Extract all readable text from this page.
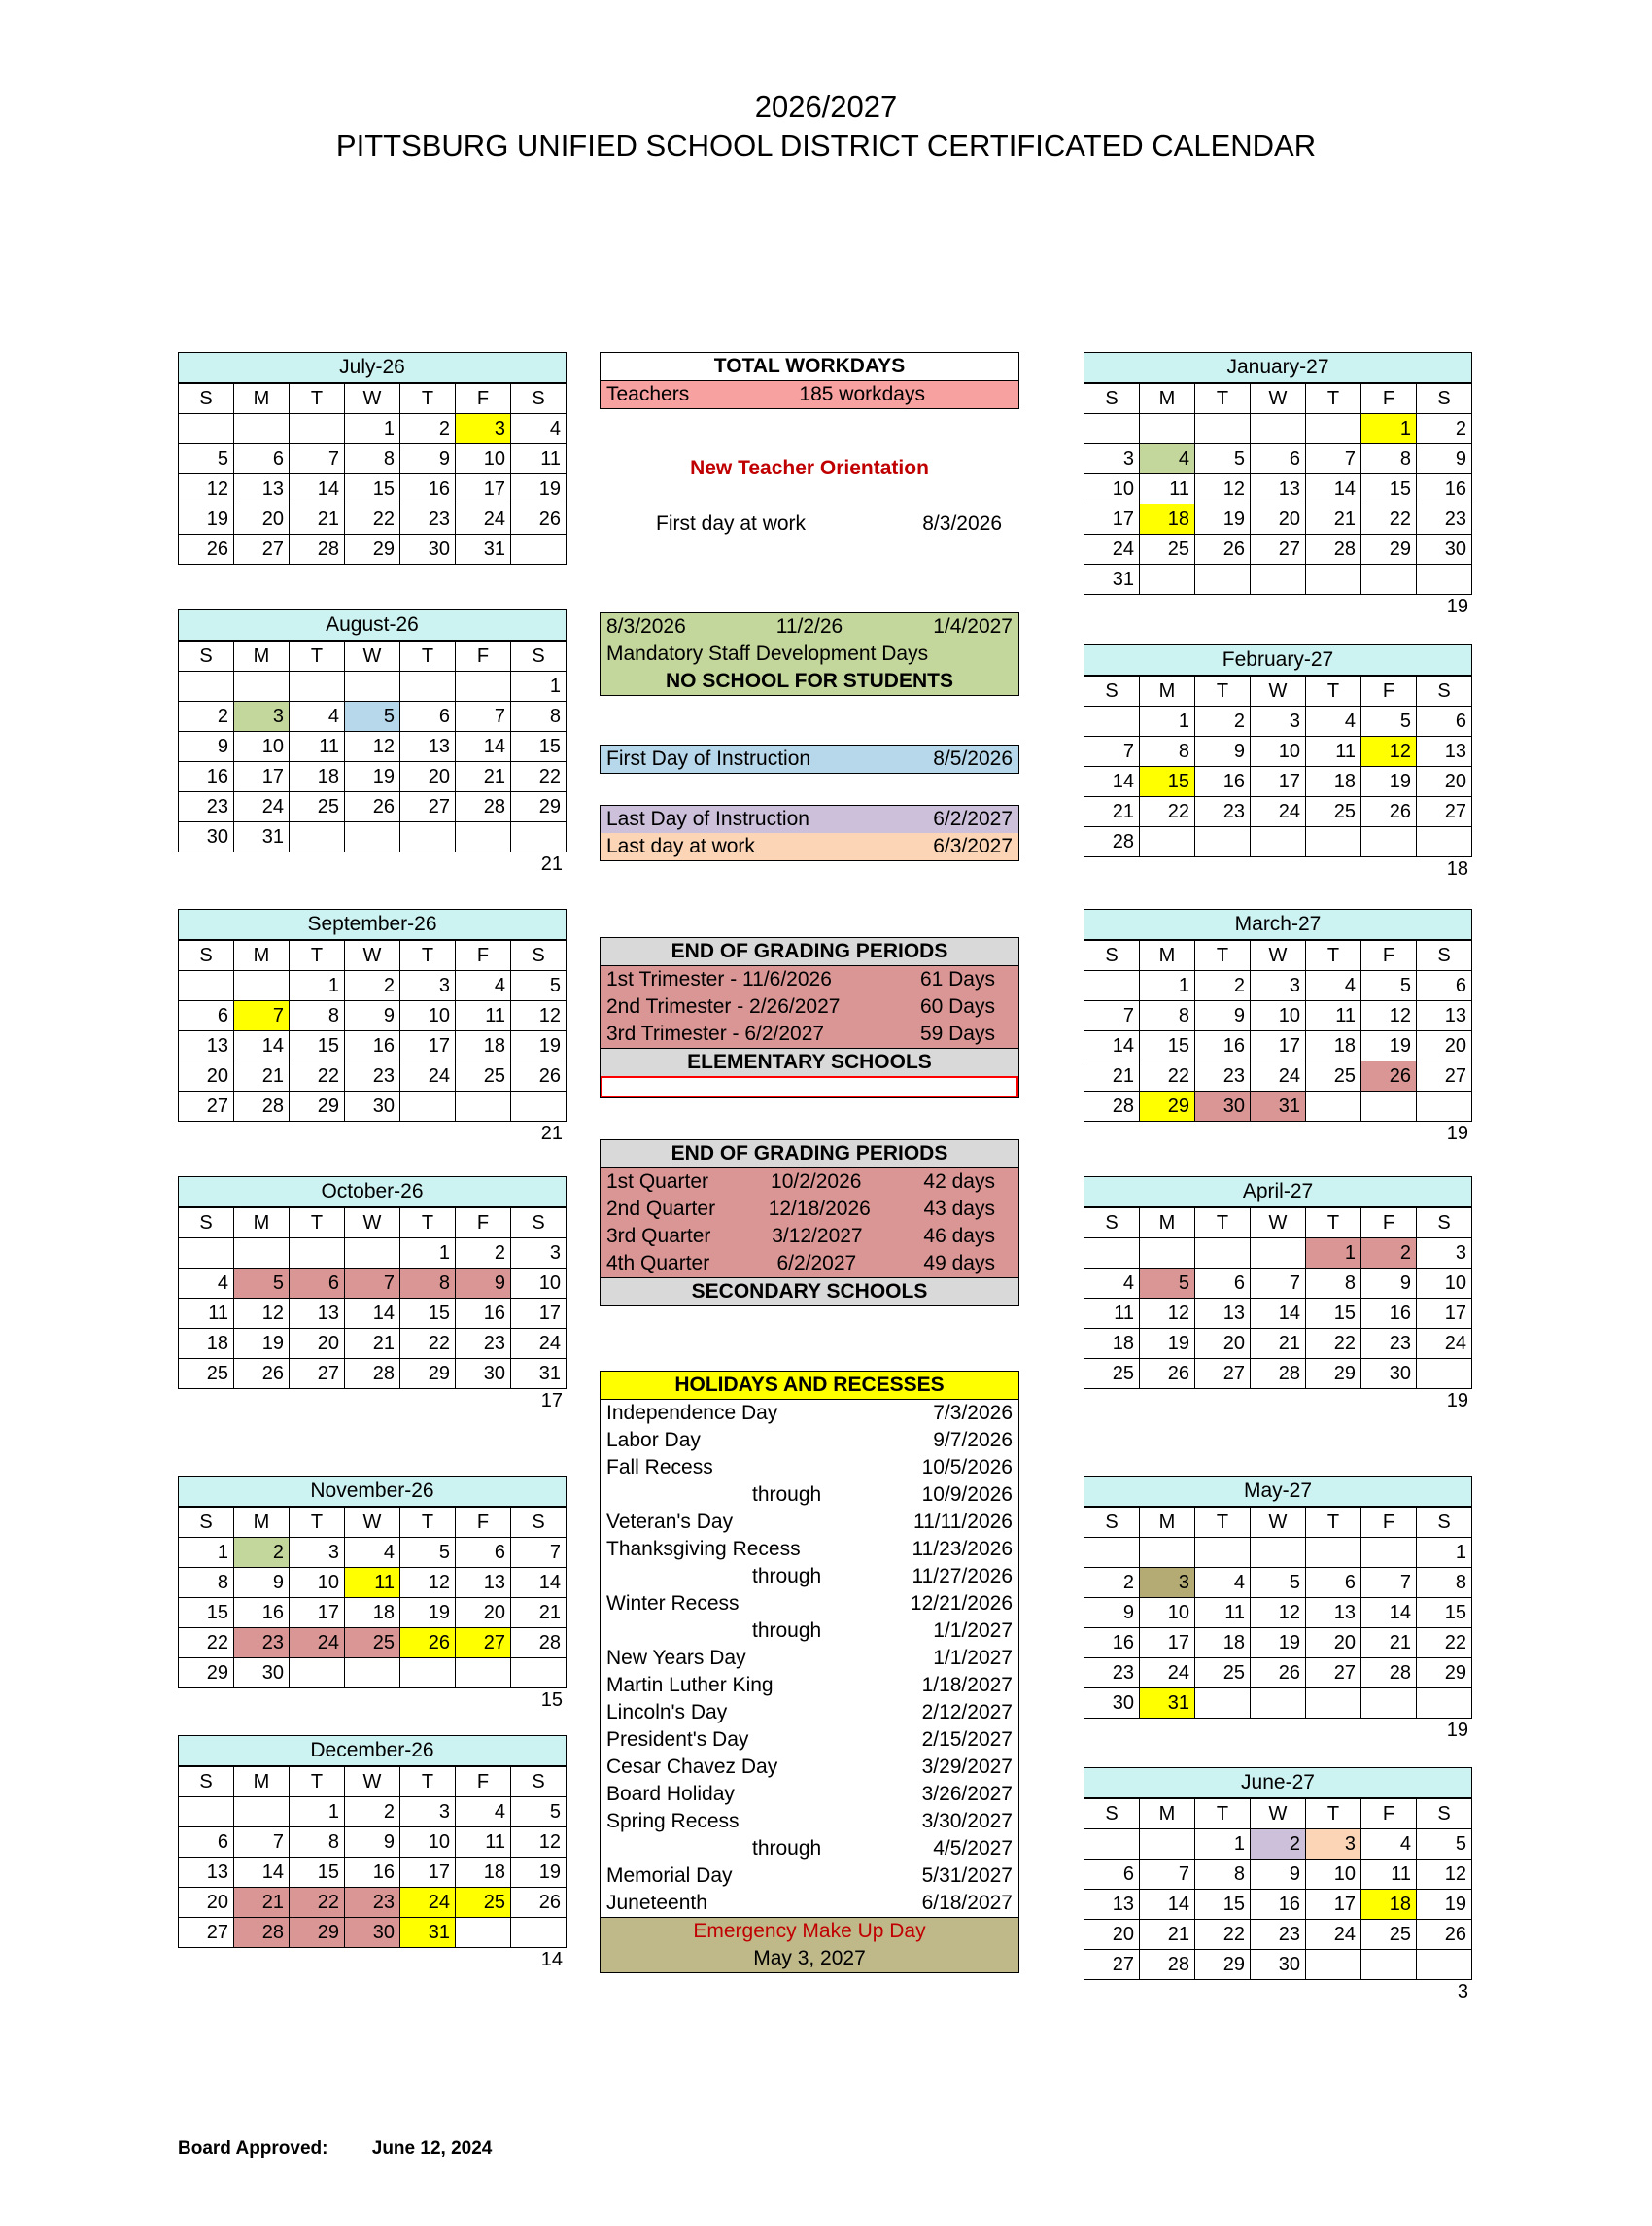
2026/2027
PITTSBURG UNIFIED SCHOOL DISTRICT CERTIFICATED CALENDAR
July-26
S	M	T	W	T	F	S
			1	2	3	4
5	6	7	8	9	10	11
12	13	14	15	16	17	19
19	20	21	22	23	24	26
26	27	28	29	30	31	
August-26
S	M	T	W	T	F	S
						1
2	3	4	5	6	7	8
9	10	11	12	13	14	15
16	17	18	19	20	21	22
23	24	25	26	27	28	29
30	31					
21
September-26
S	M	T	W	T	F	S
		1	2	3	4	5
6	7	8	9	10	11	12
13	14	15	16	17	18	19
20	21	22	23	24	25	26
27	28	29	30			
21
October-26
S	M	T	W	T	F	S
				1	2	3
4	5	6	7	8	9	10
11	12	13	14	15	16	17
18	19	20	21	22	23	24
25	26	27	28	29	30	31
17
November-26
S	M	T	W	T	F	S
1	2	3	4	5	6	7
8	9	10	11	12	13	14
15	16	17	18	19	20	21
22	23	24	25	26	27	28
29	30					
15
December-26
S	M	T	W	T	F	S
		1	2	3	4	5
6	7	8	9	10	11	12
13	14	15	16	17	18	19
20	21	22	23	24	25	26
27	28	29	30	31		
14
January-27
S	M	T	W	T	F	S
					1	2
3	4	5	6	7	8	9
10	11	12	13	14	15	16
17	18	19	20	21	22	23
24	25	26	27	28	29	30
31						
19
February-27
S	M	T	W	T	F	S
	1	2	3	4	5	6
7	8	9	10	11	12	13
14	15	16	17	18	19	20
21	22	23	24	25	26	27
28						
18
March-27
S	M	T	W	T	F	S
	1	2	3	4	5	6
7	8	9	10	11	12	13
14	15	16	17	18	19	20
21	22	23	24	25	26	27
28	29	30	31			
19
April-27
S	M	T	W	T	F	S
				1	2	3
4	5	6	7	8	9	10
11	12	13	14	15	16	17
18	19	20	21	22	23	24
25	26	27	28	29	30	
19
May-27
S	M	T	W	T	F	S
						1
2	3	4	5	6	7	8
9	10	11	12	13	14	15
16	17	18	19	20	21	22
23	24	25	26	27	28	29
30	31					
19
June-27
S	M	T	W	T	F	S
		1	2	3	4	5
6	7	8	9	10	11	12
13	14	15	16	17	18	19
20	21	22	23	24	25	26
27	28	29	30			
3
TOTAL WORKDAYS
Teachers	185 workdays
New Teacher Orientation
First day at work	8/3/2026
8/3/2026	11/2/26	1/4/2027
Mandatory Staff Development Days
NO SCHOOL FOR STUDENTS
First Day of Instruction	8/5/2026
Last Day of Instruction	6/2/2027
Last day at work	6/3/2027
END OF GRADING PERIODS
1st Trimester - 11/6/2026	61 Days
2nd Trimester - 2/26/2027	60 Days
3rd Trimester - 6/2/2027	59 Days
ELEMENTARY SCHOOLS
END OF GRADING PERIODS
1st Quarter	10/2/2026	42 days
2nd Quarter	12/18/2026	43 days
3rd Quarter	3/12/2027	46 days
4th Quarter	6/2/2027	49 days
SECONDARY SCHOOLS
HOLIDAYS AND RECESSES
Independence Day	7/3/2026
Labor Day	9/7/2026
Fall Recess	10/5/2026
through	10/9/2026
Veteran's Day	11/11/2026
Thanksgiving Recess	11/23/2026
through	11/27/2026
Winter Recess	12/21/2026
through	1/1/2027
New Years Day	1/1/2027
Martin Luther King	1/18/2027
Lincoln's Day	2/12/2027
President's Day	2/15/2027
Cesar Chavez Day	3/29/2027
Board Holiday	3/26/2027
Spring Recess	3/30/2027
through	4/5/2027
Memorial Day	5/31/2027
Juneteenth	6/18/2027
Emergency Make Up Day
May 3, 2027
Board Approved: June 12, 2024
